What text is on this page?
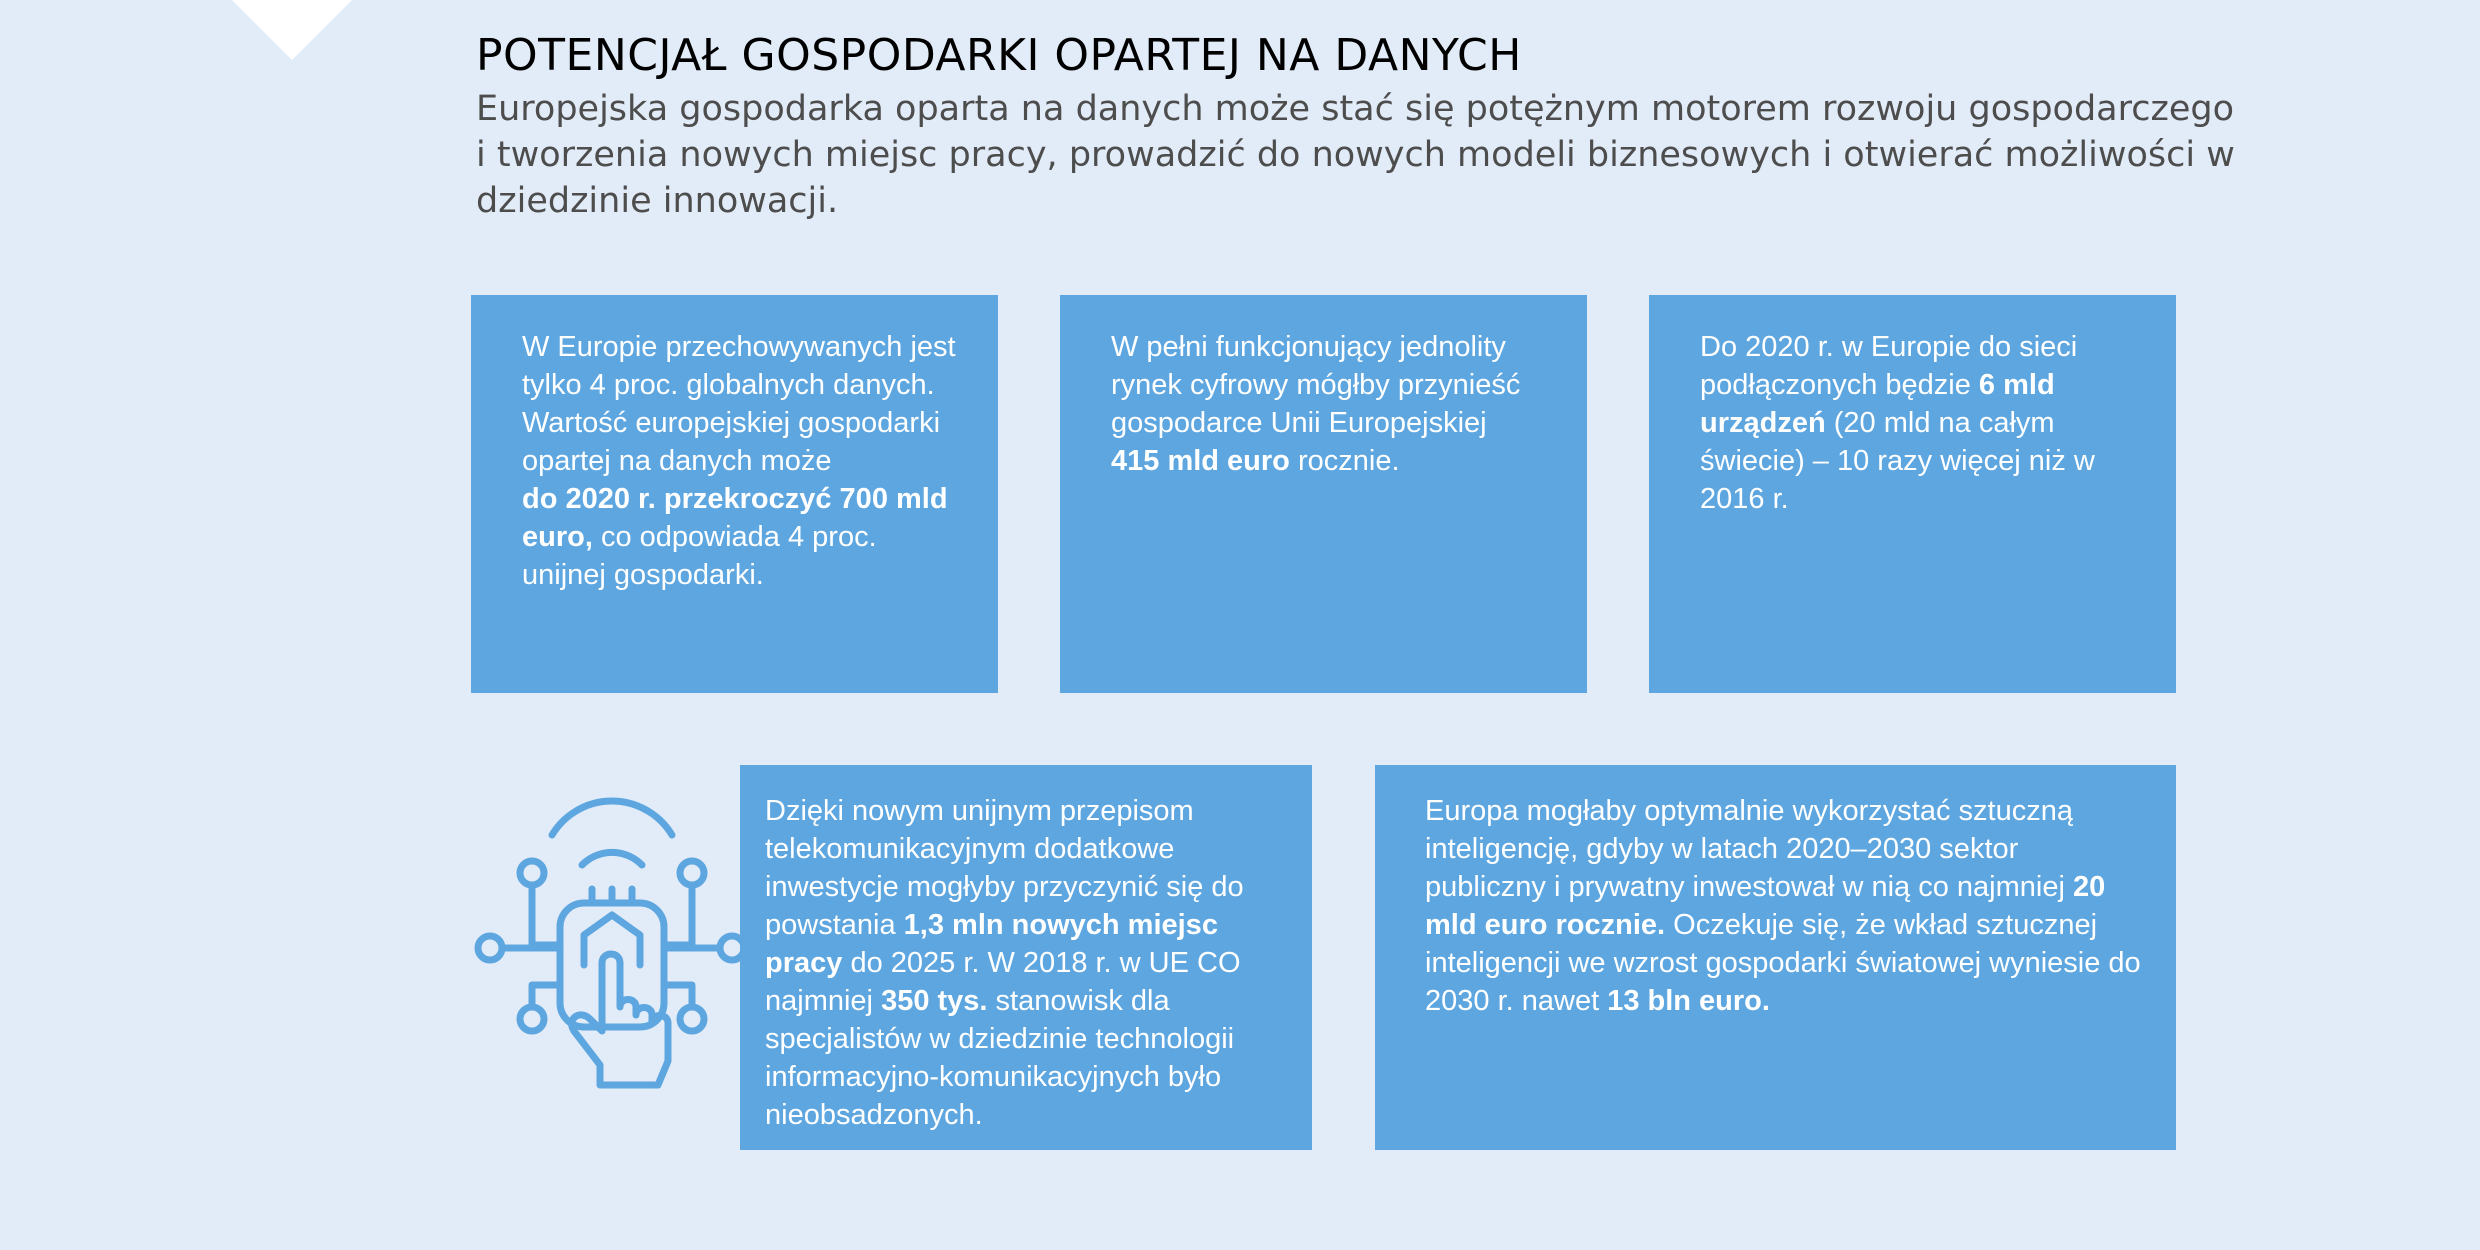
POTENCJAŁ GOSPODARKI OPARTEJ NA DANYCH

Europejska gospodarka oparta na danych może stać się potężnym motorem rozwoju gospodarczego i tworzenia nowych miejsc pracy, prowadzić do nowych modeli biznesowych i otwierać możliwości w dziedzinie innowacji.

W Europie przechowywanych jest tylko 4 proc. globalnych danych. Wartość europejskiej gospodarki opartej na danych może
do 2020 r. przekroczyć 700 mld euro, co odpowiada 4 proc. unijnej gospodarki.

W pełni funkcjonujący jednolity rynek cyfrowy mógłby przynieść gospodarce Unii Europejskiej
415 mld euro rocznie.

Do 2020 r. w Europie do sieci podłączonych będzie 6 mld urządzeń (20 mld na całym świecie) – 10 razy więcej niż w 2016 r.

Dzięki nowym unijnym przepisom telekomunikacyjnym dodatkowe inwestycje mogłyby przyczynić się do powstania 1,3 mln nowych miejsc pracy do 2025 r. W 2018 r. w UE CO najmniej 350 tys. stanowisk dla specjalistów w dziedzinie technologii informacyjno-komunikacyjnych było nieobsadzonych.

Europa mogłaby optymalnie wykorzystać sztuczną inteligencję, gdyby w latach 2020–2030 sektor publiczny i prywatny inwestował w nią co najmniej 20 mld euro rocznie. Oczekuje się, że wkład sztucznej inteligencji we wzrost gospodarki światowej wyniesie do 2030 r. nawet 13 bln euro.
